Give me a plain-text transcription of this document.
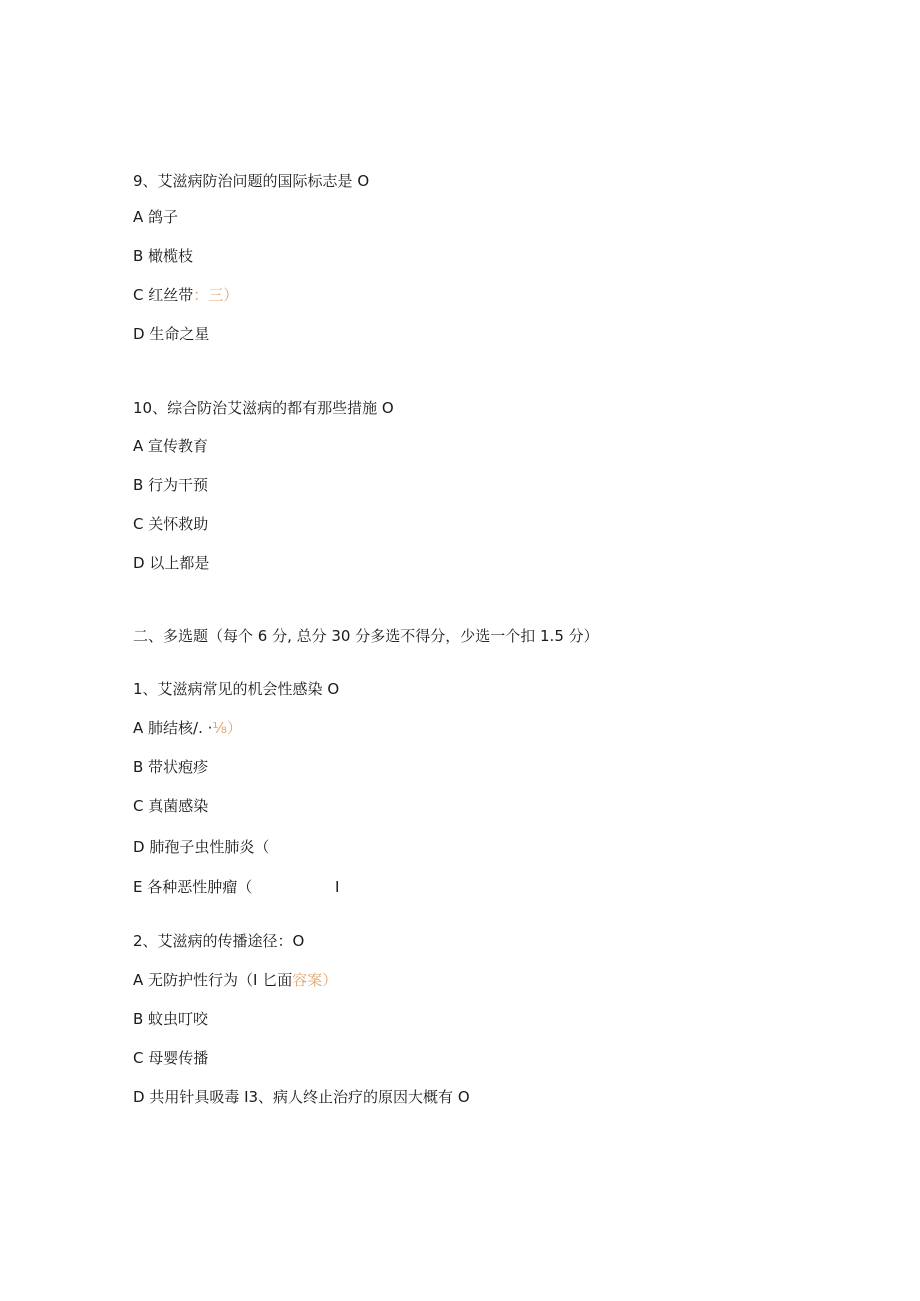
9、艾滋病防治问题的国际标志是 O
A 鸽子
B 橄榄枝
C 红丝带：三）
D 生命之星
10、综合防治艾滋病的都有那些措施 O
A 宣传教育
B 行为干预
C 关怀救助
D 以上都是
二、多选题（每个 6 分, 总分 30 分多选不得分，少选一个扣 1.5 分）
1、艾滋病常见的机会性感染 O
A 肺结核/. ·⅛）
B 带状疱疹
C 真菌感染
D 肺孢子虫性肺炎（
E 各种恶性肿瘤（	I
2、艾滋病的传播途径：O
A 无防护性行为（I 匕面容案）
B 蚊虫叮咬
C 母婴传播
D 共用针具吸毒 I3、病人终止治疗的原因大概有 O
